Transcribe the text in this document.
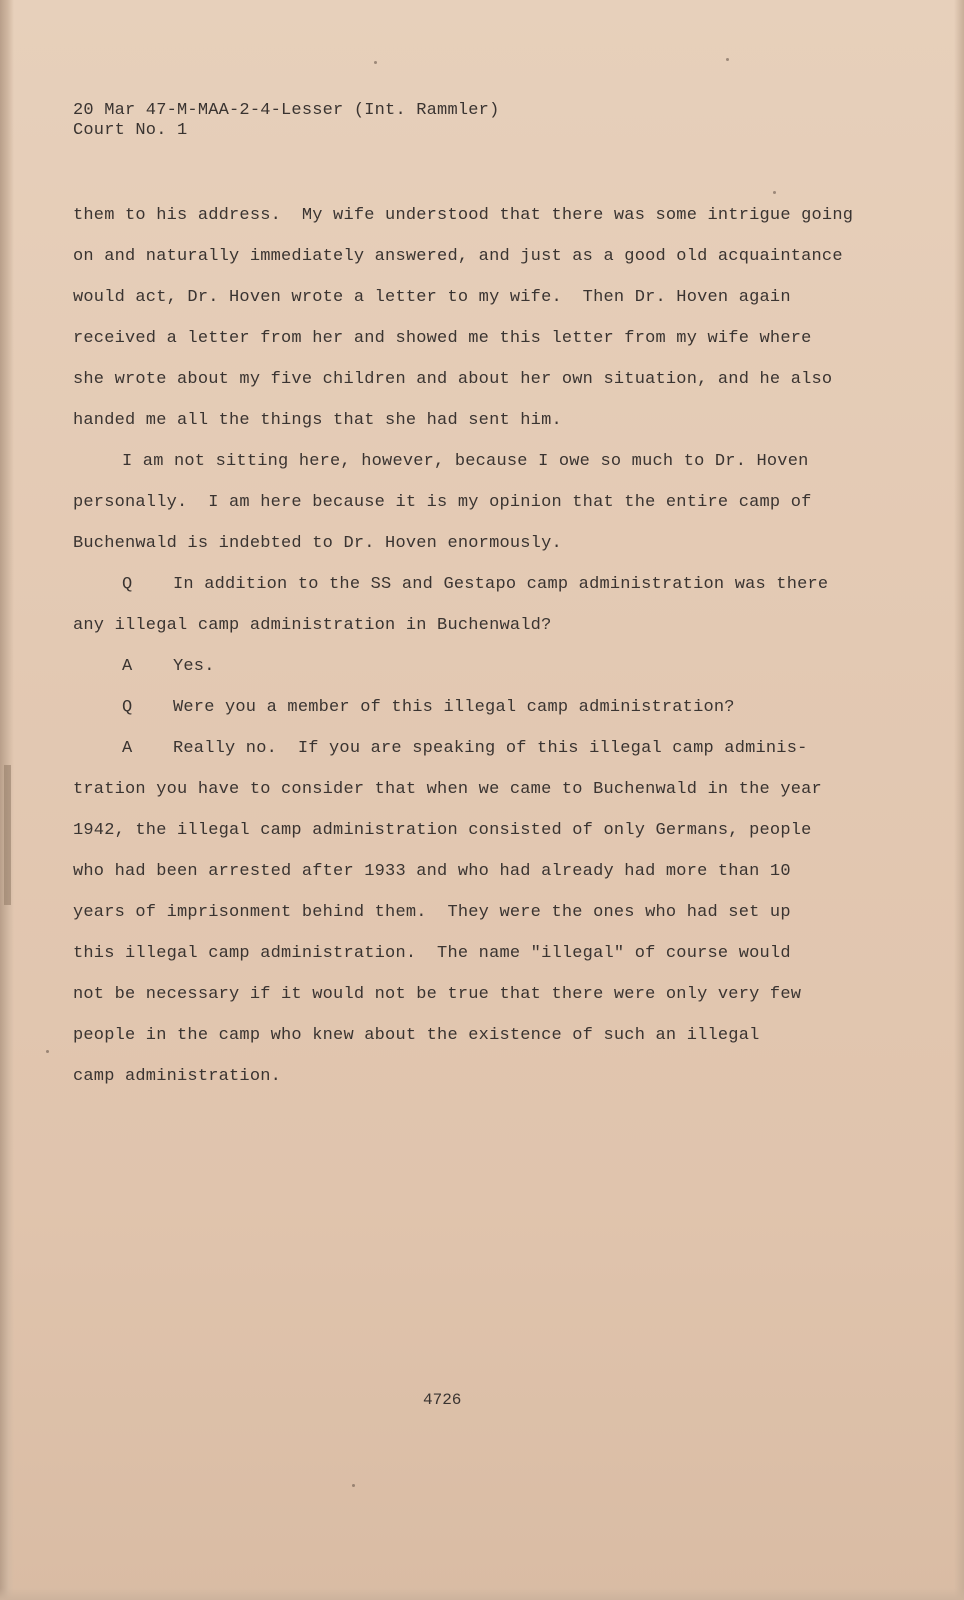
20 Mar 47-M-MAA-2-4-Lesser (Int. Rammler)
Court No. 1
them to his address.  My wife understood that there was some intrigue going
on and naturally immediately answered, and just as a good old acquaintance
would act, Dr. Hoven wrote a letter to my wife.  Then Dr. Hoven again
received a letter from her and showed me this letter from my wife where
she wrote about my five children and about her own situation, and he also
handed me all the things that she had sent him.
I am not sitting here, however, because I owe so much to Dr. Hoven
personally.  I am here because it is my opinion that the entire camp of
Buchenwald is indebted to Dr. Hoven enormously.
Q In addition to the SS and Gestapo camp administration was there
any illegal camp administration in Buchenwald?
A Yes.
Q Were you a member of this illegal camp administration?
A Really no.  If you are speaking of this illegal camp adminis-
tration you have to consider that when we came to Buchenwald in the year
1942, the illegal camp administration consisted of only Germans, people
who had been arrested after 1933 and who had already had more than 10
years of imprisonment behind them.  They were the ones who had set up
this illegal camp administration.  The name "illegal" of course would
not be necessary if it would not be true that there were only very few
people in the camp who knew about the existence of such an illegal
camp administration.
4726
